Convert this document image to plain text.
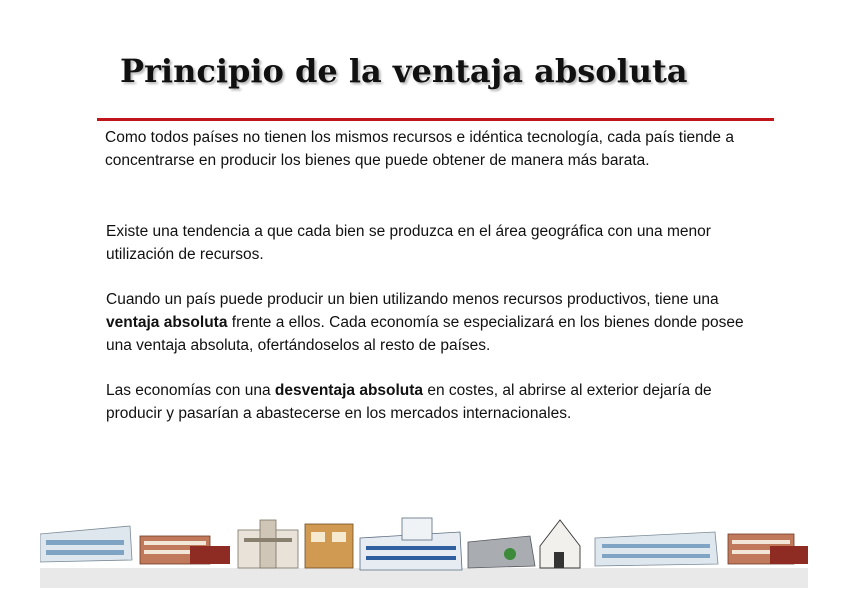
Principio de la ventaja absoluta
Como todos países no tienen los mismos recursos e idéntica tecnología, cada país tiende a concentrarse en producir los bienes que puede obtener de manera más barata.
Existe una tendencia a que cada bien se produzca en el área geográfica con una menor utilización de recursos.
Cuando un país puede producir un bien utilizando menos recursos productivos, tiene una ventaja absoluta frente a ellos. Cada economía se especializará en los bienes donde posee una ventaja absoluta, ofertándoselos al resto de países.
Las economías con una desventaja absoluta en costes, al abrirse al exterior dejaría de producir y pasarían a abastecerse en los mercados internacionales.
